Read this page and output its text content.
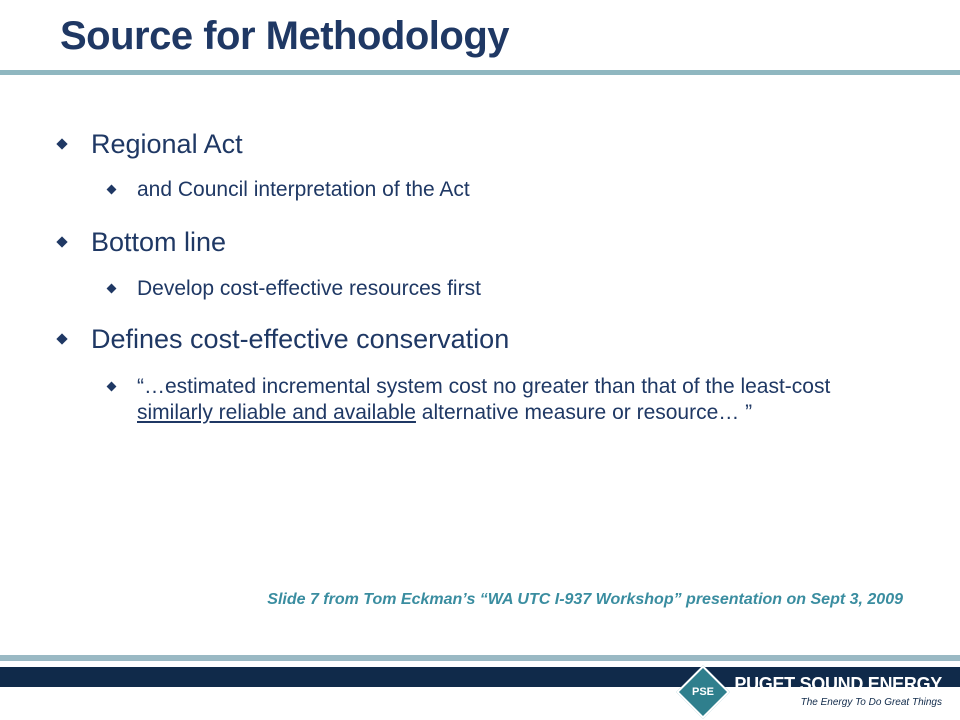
Source for Methodology
Regional Act
and Council interpretation of the Act
Bottom line
Develop cost-effective resources first
Defines cost-effective conservation
“…estimated incremental system cost no greater than that of the least-cost similarly reliable and available alternative measure or resource… ”
Slide 7 from Tom Eckman’s “WA UTC I-937 Workshop” presentation on Sept 3, 2009
PSE PUGET SOUND ENERGY
The Energy To Do Great Things
